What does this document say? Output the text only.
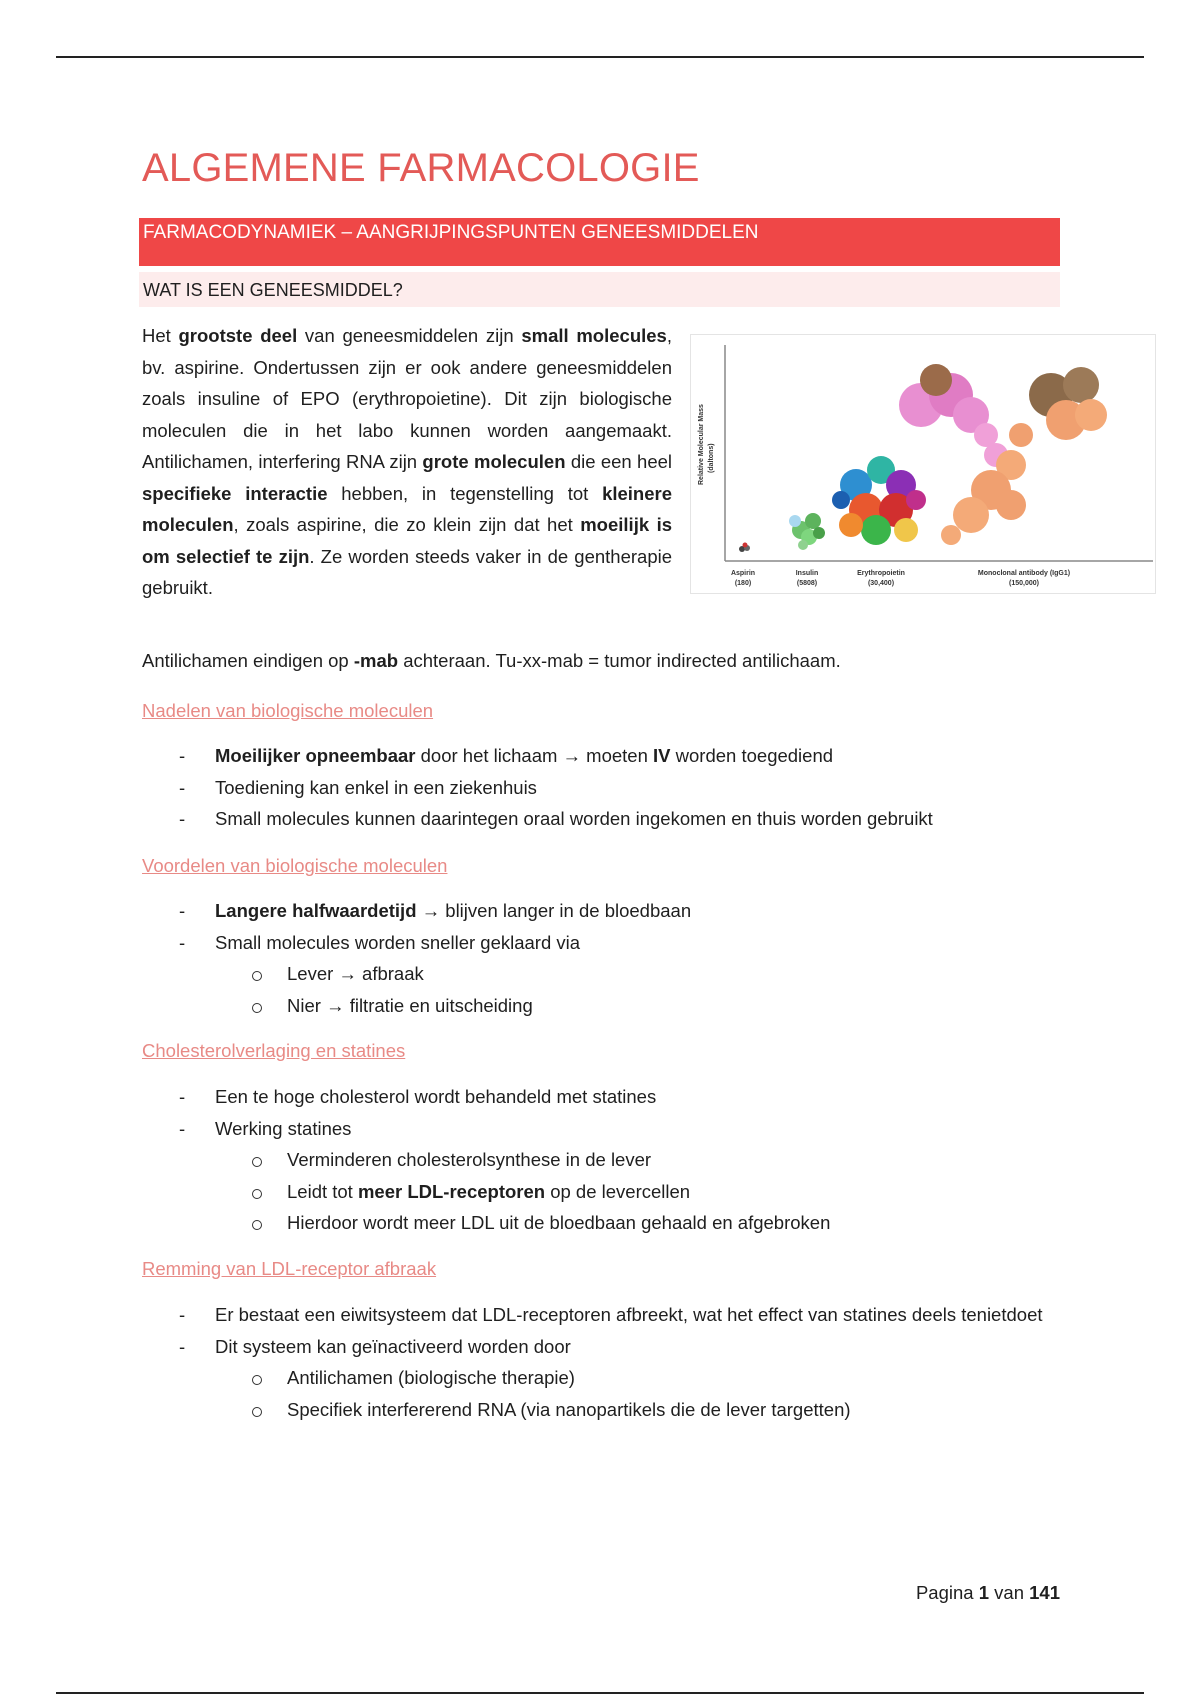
ALGEMENE FARMACOLOGIE
FARMACODYNAMIEK – AANGRIJPINGSPUNTEN GENEESMIDDELEN
WAT IS EEN GENEESMIDDEL?

Het grootste deel van geneesmiddelen zijn small molecules, bv. aspirine. Ondertussen zijn er ook andere geneesmiddelen zoals insuline of EPO (erythropoietine). Dit zijn biologische moleculen die in het labo kunnen worden aangemaakt. Antilichamen, interfering RNA zijn grote moleculen die een heel specifieke interactie hebben, in tegenstelling tot kleinere moleculen, zoals aspirine, die zo klein zijn dat het moeilijk is om selectief te zijn. Ze worden steeds vaker in de gentherapie gebruikt.

Relative Molecular Mass (daltons)
Aspirin
(180)
Insulin
(5808)
Erythropoietin
(30,400)
Monoclonal antibody (IgG1)
(150,000)

Antilichamen eindigen op -mab achteraan. Tu-xx-mab = tumor indirected antilichaam.

Nadelen van biologische moleculen

- Moeilijker opneembaar door het lichaam → moeten IV worden toegediend
- Toediening kan enkel in een ziekenhuis
- Small molecules kunnen daarintegen oraal worden ingekomen en thuis worden gebruikt

Voordelen van biologische moleculen

- Langere halfwaardetijd → blijven langer in de bloedbaan
- Small molecules worden sneller geklaard via
Lever → afbraak
Nier → filtratie en uitscheiding

Cholesterolverlaging en statines

- Een te hoge cholesterol wordt behandeld met statines
- Werking statines
Verminderen cholesterolsynthese in de lever
Leidt tot meer LDL-receptoren op de levercellen
Hierdoor wordt meer LDL uit de bloedbaan gehaald en afgebroken

Remming van LDL-receptor afbraak

- Er bestaat een eiwitsysteem dat LDL-receptoren afbreekt, wat het effect van statines deels tenietdoet
- Dit systeem kan geïnactiveerd worden door
Antilichamen (biologische therapie)
Specifiek interfererend RNA (via nanopartikels die de lever targetten)
Pagina 1 van 141
